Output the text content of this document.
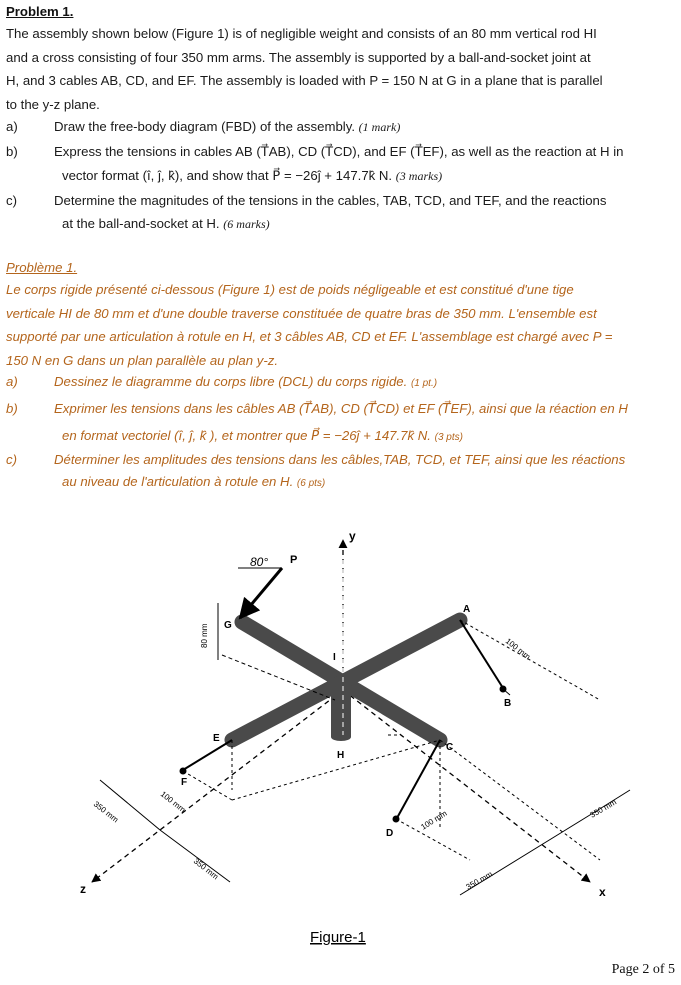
Problem 1.
The assembly shown below (Figure 1) is of negligible weight and consists of an 80 mm vertical rod HI
and a cross consisting of four 350 mm arms. The assembly is supported by a ball-and-socket joint at
H, and 3 cables AB, CD, and EF. The assembly is loaded with P = 150 N at G in a plane that is parallel
to the y-z plane.
a)	Draw the free-body diagram (FBD) of the assembly. (1 mark)
b)	Express the tensions in cables AB (T⃗AB), CD (T⃗CD), and EF (T⃗EF), as well as the reaction at H in
vector format (î, ĵ, k̂), and show that P⃗ = −26ĵ + 147.7k̂ N. (3 marks)
c)	Determine the magnitudes of the tensions in the cables, TAB, TCD, and TEF, and the reactions
at the ball-and-socket at H. (6 marks)
Problème 1.
Le corps rigide présenté ci-dessous (Figure 1) est de poids négligeable et est constitué d'une tige
verticale HI de 80 mm et d'une double traverse constituée de quatre bras de 350 mm. L'ensemble est
supporté par une articulation à rotule en H, et 3 câbles AB, CD et EF. L'assemblage est chargé avec P =
150 N en G dans un plan parallèle au plan y-z.
a)	Dessinez le diagramme du corps libre (DCL) du corps rigide. (1 pt.)
b)	Exprimer les tensions dans les câbles AB (T⃗AB), CD (T⃗CD) et EF (T⃗EF), ainsi que la réaction en H
en format vectoriel (î, ĵ, k̂ ), et montrer que P⃗ = −26ĵ + 147.7k̂ N. (3 pts)
c)	Déterminer les amplitudes des tensions dans les câbles,TAB, TCD, et TEF, ainsi que les réactions
au niveau de l'articulation à rotule en H. (6 pts)
80° P
y
x
z
A
B
C
D
E
F
G
H
I
80 mm
100 mm
100 mm
100 mm
350 mm
350 mm	350 mm
350 mm
Figure-1
Page 2 of 5
